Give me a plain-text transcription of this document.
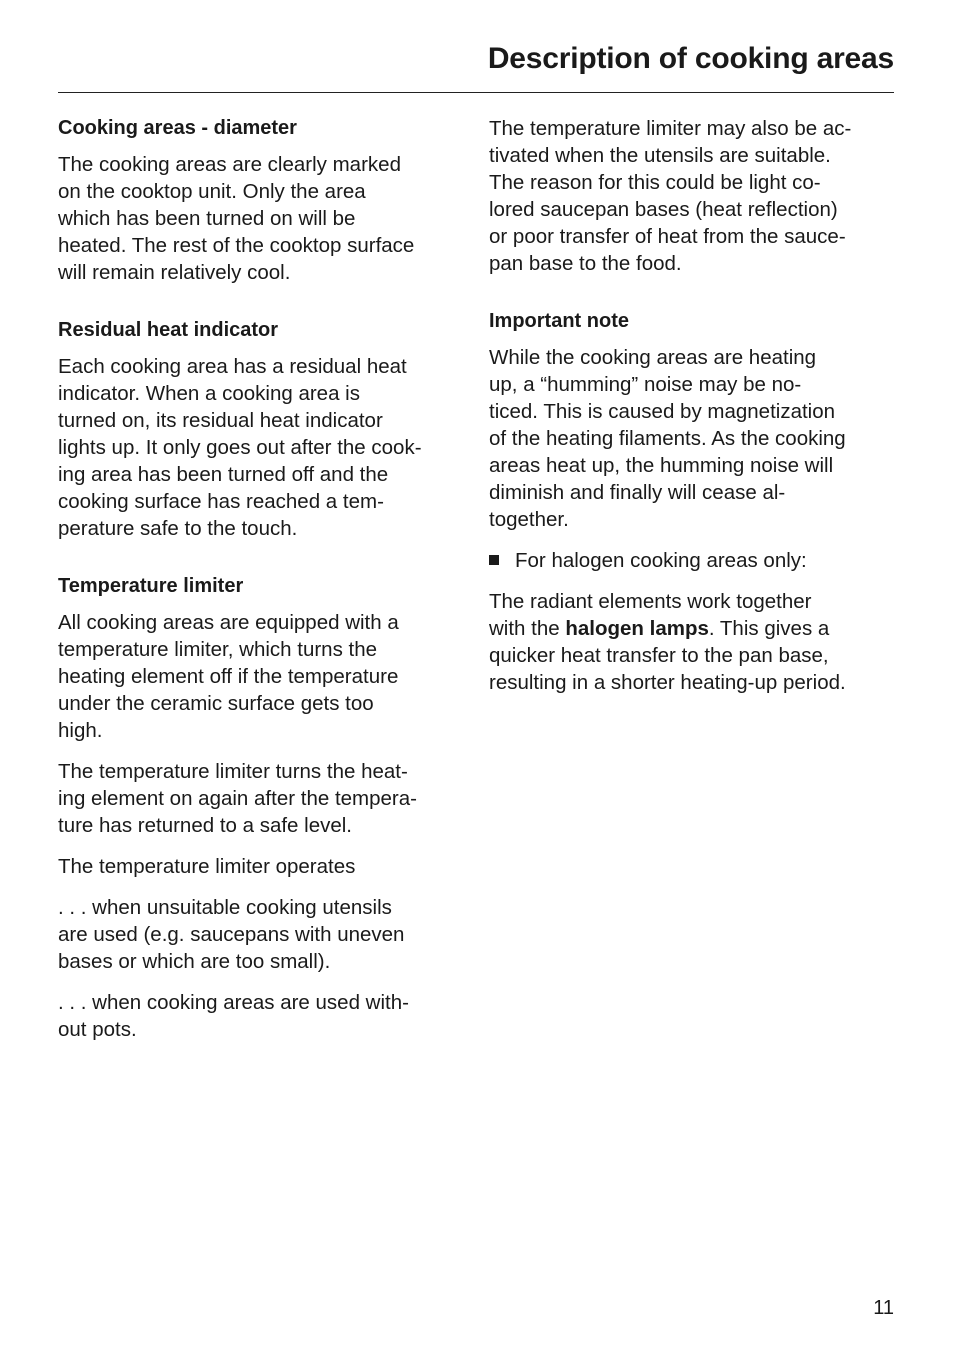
Description of cooking areas
Cooking areas - diameter

The cooking areas are clearly marked
on the cooktop unit. Only the area
which has been turned on will be
heated. The rest of the cooktop surface
will remain relatively cool.

Residual heat indicator

Each cooking area has a residual heat
indicator. When a cooking area is
turned on, its residual heat indicator
lights up. It only goes out after the cook-
ing area has been turned off and the
cooking surface has reached a tem-
perature safe to the touch.

Temperature limiter

All cooking areas are equipped with a
temperature limiter, which turns the
heating element off if the temperature
under the ceramic surface gets too
high.

The temperature limiter turns the heat-
ing element on again after the tempera-
ture has returned to a safe level.

The temperature limiter operates

. . . when unsuitable cooking utensils
are used (e.g. saucepans with uneven
bases or which are too small).

. . . when cooking areas are used with-
out pots.

The temperature limiter may also be ac-
tivated when the utensils are suitable.
The reason for this could be light co-
lored saucepan bases (heat reflection)
or poor transfer of heat from the sauce-
pan base to the food.

Important note

While the cooking areas are heating
up, a “humming” noise may be no-
ticed. This is caused by magnetization
of the heating filaments. As the cooking
areas heat up, the humming noise will
diminish and finally will cease al-
together.

For halogen cooking areas only:

The radiant elements work together
with the halogen lamps. This gives a
quicker heat transfer to the pan base,
resulting in a shorter heating-up period.

11
